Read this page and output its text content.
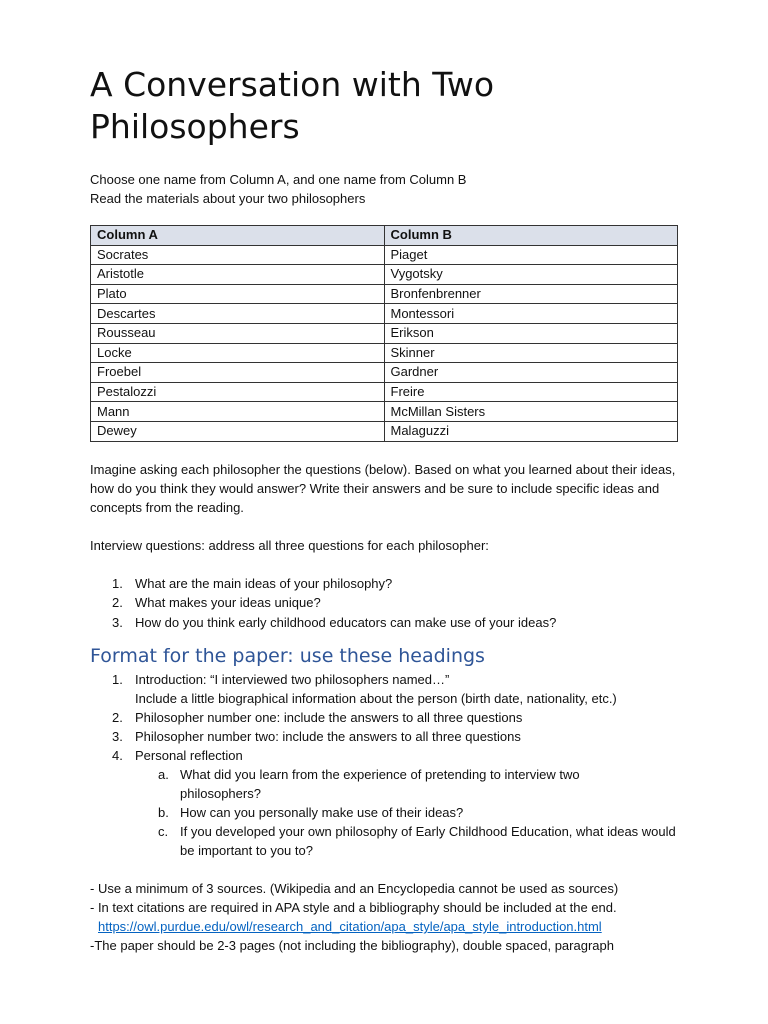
A Conversation with Two Philosophers
Choose one name from Column A, and one name from Column B
Read the materials about your two philosophers
Column A	Column B
Socrates	Piaget
Aristotle	Vygotsky
Plato	Bronfenbrenner
Descartes	Montessori
Rousseau	Erikson
Locke	Skinner
Froebel	Gardner
Pestalozzi	Freire
Mann	McMillan Sisters
Dewey	Malaguzzi
Imagine asking each philosopher the questions (below). Based on what you learned about their ideas, how do you think they would answer? Write their answers and be sure to include specific ideas and concepts from the reading.
Interview questions: address all three questions for each philosopher:
1. What are the main ideas of your philosophy?
2. What makes your ideas unique?
3. How do you think early childhood educators can make use of your ideas?
Format for the paper: use these headings
1. Introduction: “I interviewed two philosophers named…”
Include a little biographical information about the person (birth date, nationality, etc.)
2. Philosopher number one: include the answers to all three questions
3. Philosopher number two: include the answers to all three questions
4. Personal reflection
a. What did you learn from the experience of pretending to interview two philosophers?
b. How can you personally make use of their ideas?
c. If you developed your own philosophy of Early Childhood Education, what ideas would be important to you to?
- Use a minimum of 3 sources. (Wikipedia and an Encyclopedia cannot be used as sources)
- In text citations are required in APA style and a bibliography should be included at the end.
https://owl.purdue.edu/owl/research_and_citation/apa_style/apa_style_introduction.html
-The paper should be 2-3 pages (not including the bibliography), double spaced, paragraph
